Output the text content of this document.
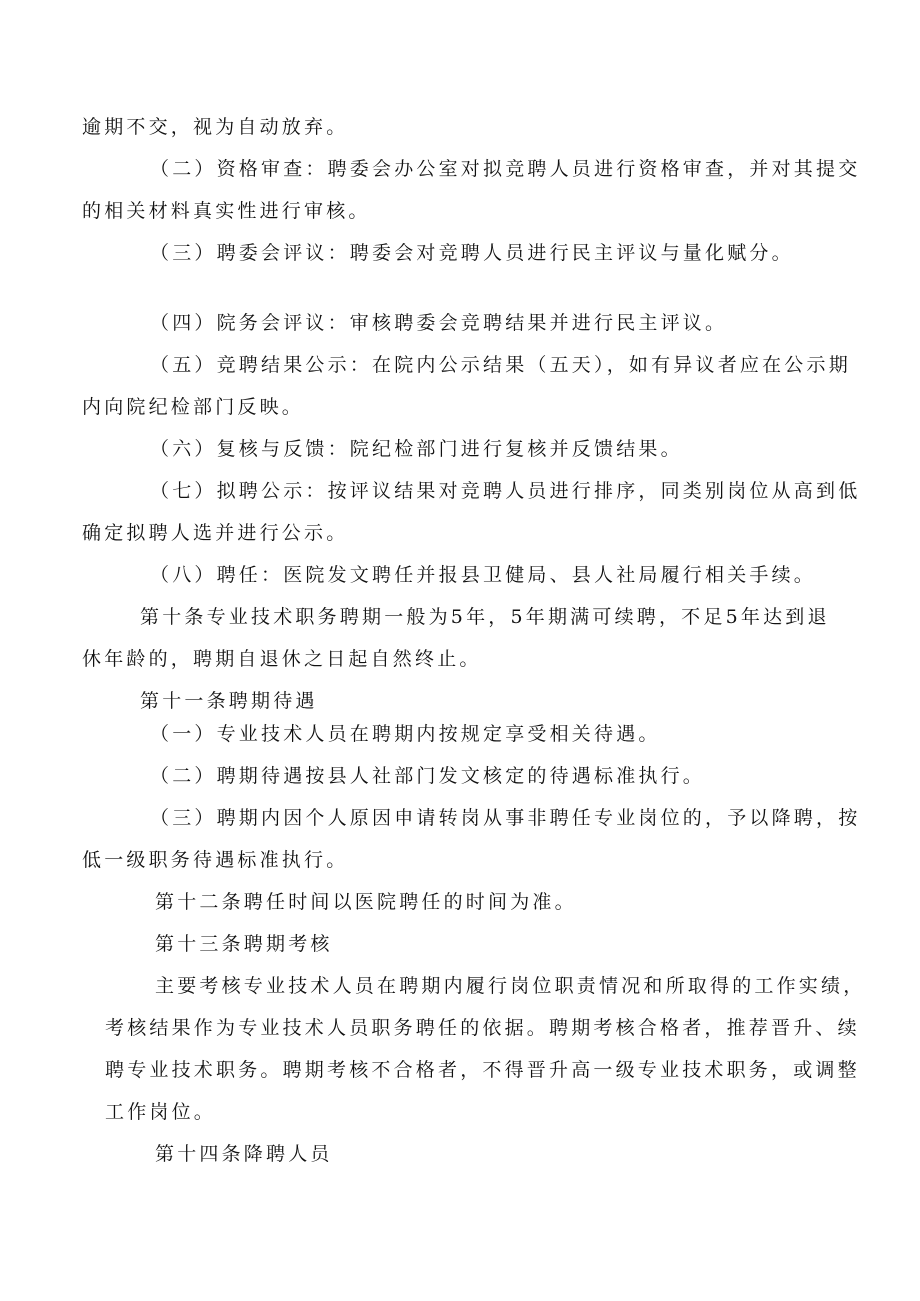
逾期不交，视为自动放弃。

（二）资格审查：聘委会办公室对拟竞聘人员进行资格审查，并对其提交

的相关材料真实性进行审核。

（三）聘委会评议：聘委会对竞聘人员进行民主评议与量化赋分。

（四）院务会评议：审核聘委会竞聘结果并进行民主评议。

（五）竞聘结果公示：在院内公示结果（五天），如有异议者应在公示期

内向院纪检部门反映。

（六）复核与反馈：院纪检部门进行复核并反馈结果。

（七）拟聘公示：按评议结果对竞聘人员进行排序，同类别岗位从高到低

确定拟聘人选并进行公示。

（八）聘任：医院发文聘任并报县卫健局、县人社局履行相关手续。

第十条专业技术职务聘期一般为5年，5年期满可续聘，不足5年达到退

休年龄的，聘期自退休之日起自然终止。

第十一条聘期待遇

（一）专业技术人员在聘期内按规定享受相关待遇。

（二）聘期待遇按县人社部门发文核定的待遇标准执行。

（三）聘期内因个人原因申请转岗从事非聘任专业岗位的，予以降聘，按

低一级职务待遇标准执行。

第十二条聘任时间以医院聘任的时间为准。

第十三条聘期考核

主要考核专业技术人员在聘期内履行岗位职责情况和所取得的工作实绩，

考核结果作为专业技术人员职务聘任的依据。聘期考核合格者，推荐晋升、续

聘专业技术职务。聘期考核不合格者，不得晋升高一级专业技术职务，或调整

工作岗位。

第十四条降聘人员
